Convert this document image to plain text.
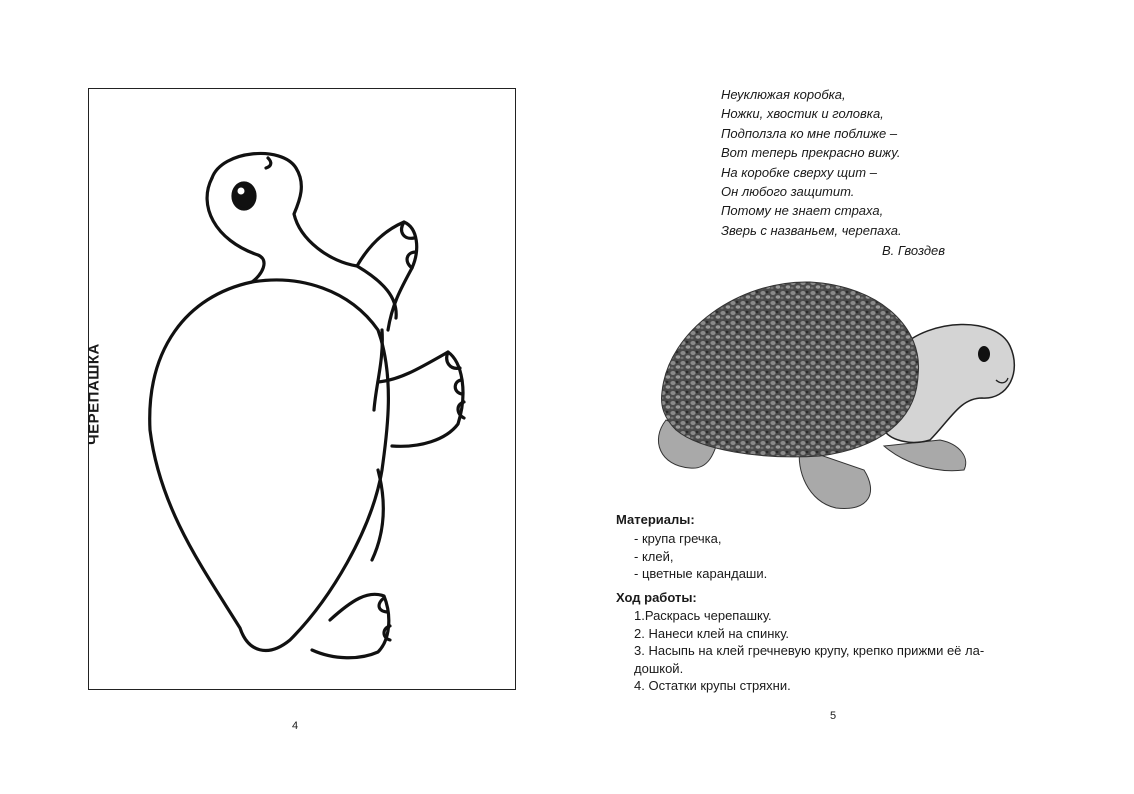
ЧЕРЕПАШКА
4
Неуклюжая коробка,
Ножки, хвостик и головка,
Подползла ко мне поближе –
Вот теперь прекрасно вижу.
На коробке сверху щит –
Он любого защитит.
Потому не знает страха,
Зверь с названьем, черепаха.
В. Гвоздев
Материалы:
- крупа гречка,
- клей,
- цветные карандаши.
Ход работы:
1.Раскрась черепашку.
2. Нанеси клей на спинку.
3. Насыпь на клей гречневую крупу, крепко прижми её ла-
дошкой.
4. Остатки крупы стряхни.
5
